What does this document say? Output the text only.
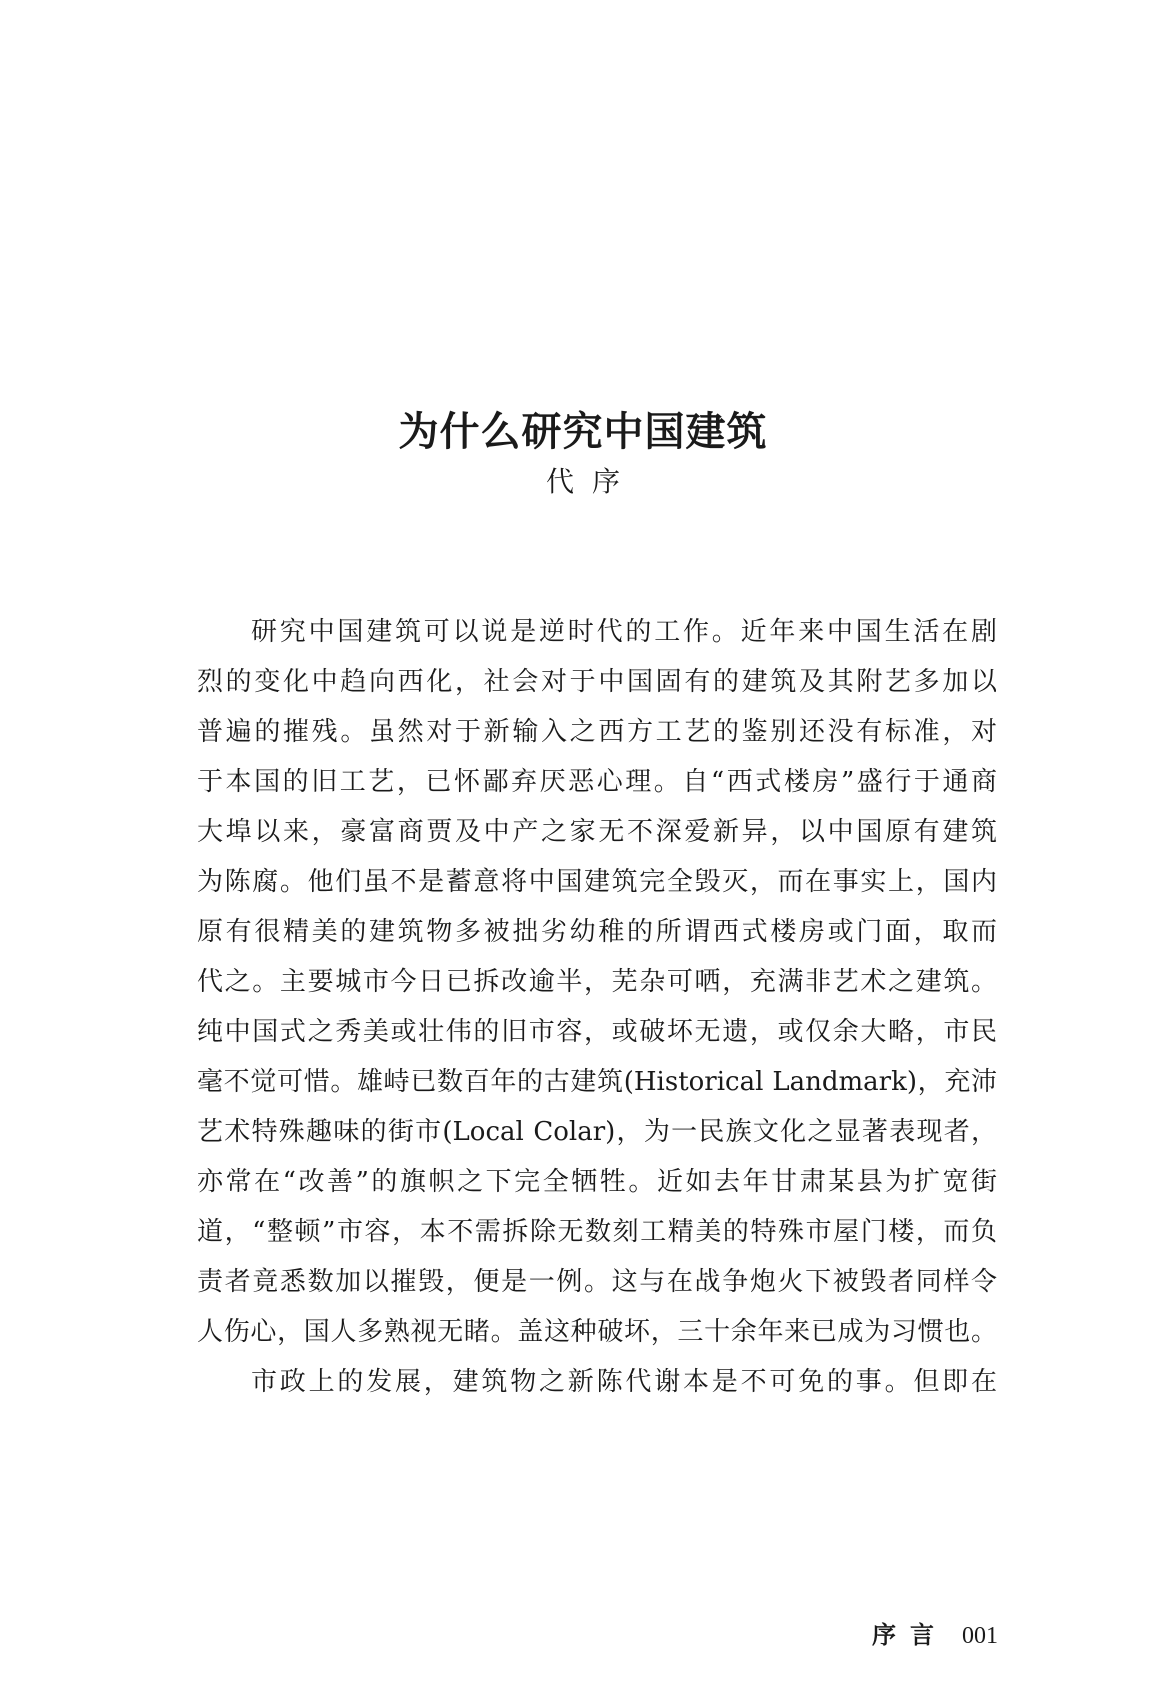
为什么研究中国建筑
代序
研究中国建筑可以说是逆时代的工作。近年来中国生活在剧
烈的变化中趋向西化，社会对于中国固有的建筑及其附艺多加以
普遍的摧残。虽然对于新输入之西方工艺的鉴别还没有标准，对
于本国的旧工艺，已怀鄙弃厌恶心理。自“西式楼房”盛行于通商
大埠以来，豪富商贾及中产之家无不深爱新异，以中国原有建筑
为陈腐。他们虽不是蓄意将中国建筑完全毁灭，而在事实上，国内
原有很精美的建筑物多被拙劣幼稚的所谓西式楼房或门面，取而
代之。主要城市今日已拆改逾半，芜杂可哂，充满非艺术之建筑。
纯中国式之秀美或壮伟的旧市容，或破坏无遗，或仅余大略，市民
毫不觉可惜。雄峙已数百年的古建筑(Historical Landmark)，充沛
艺术特殊趣味的街市(Local Colar)，为一民族文化之显著表现者，
亦常在“改善”的旗帜之下完全牺牲。近如去年甘肃某县为扩宽街
道，“整顿”市容，本不需拆除无数刻工精美的特殊市屋门楼，而负
责者竟悉数加以摧毁，便是一例。这与在战争炮火下被毁者同样令
人伤心，国人多熟视无睹。盖这种破坏，三十余年来已成为习惯也。
市政上的发展，建筑物之新陈代谢本是不可免的事。但即在
序言 001
